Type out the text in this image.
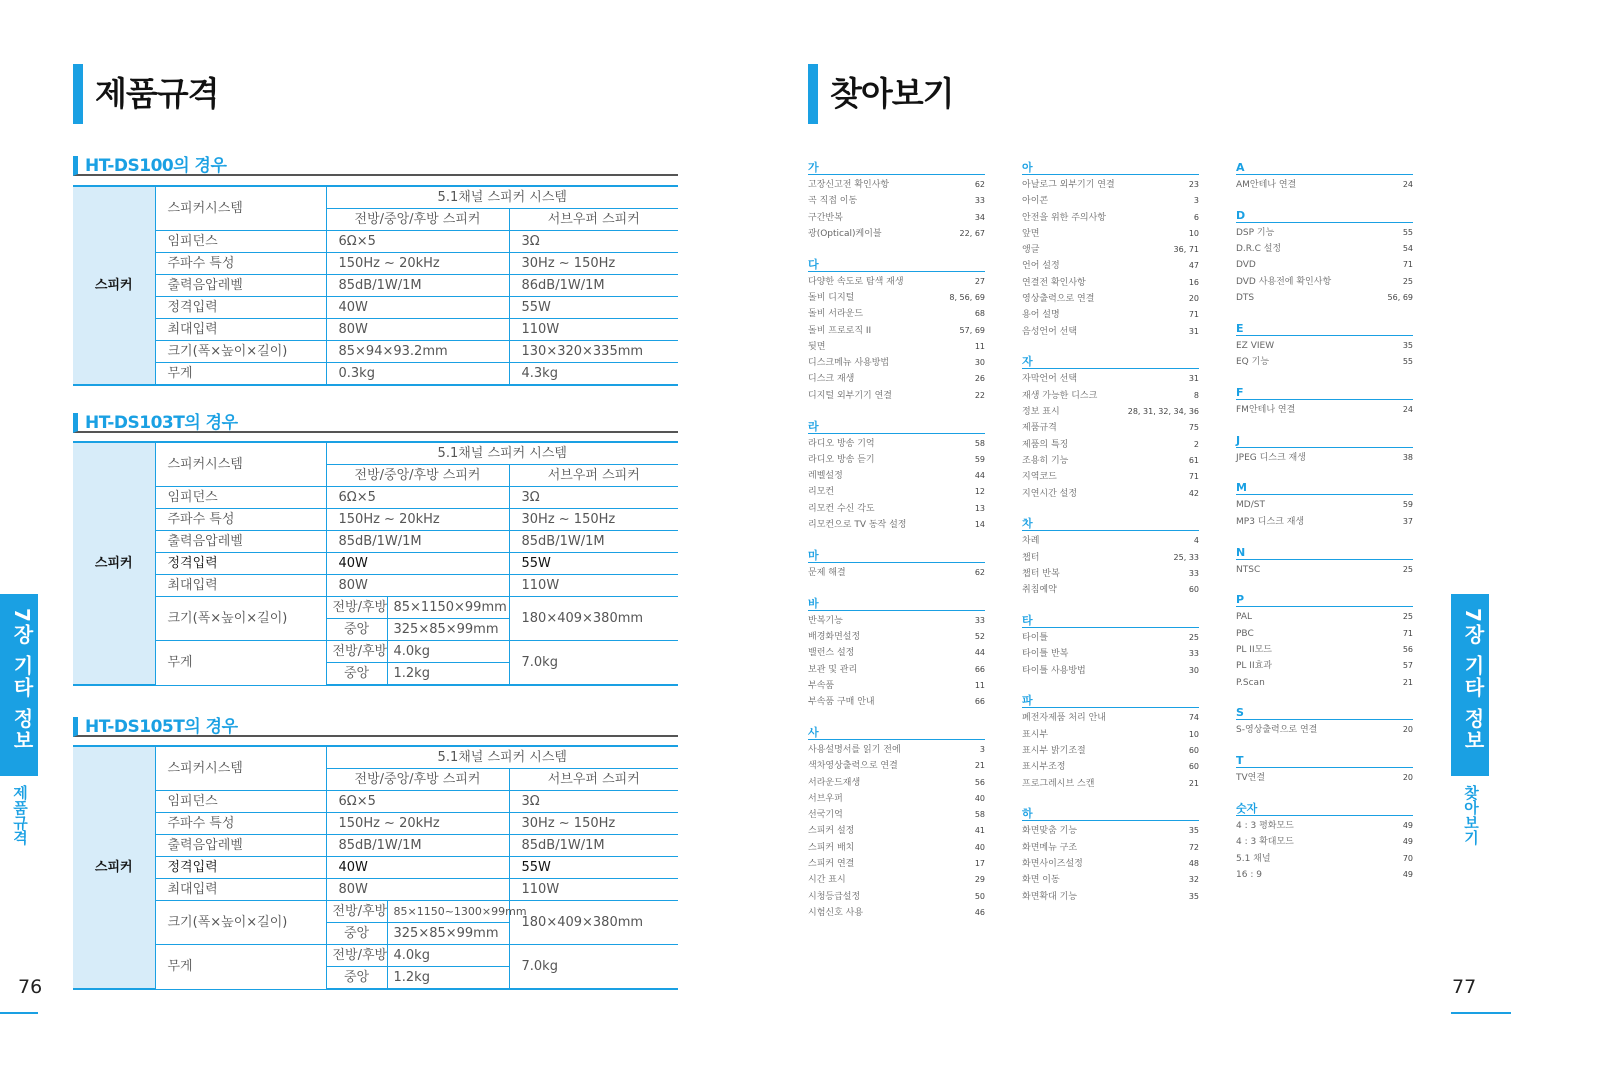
제품규격
HT-DS100의 경우
스피커	스피커시스템	5.1채널 스피커 시스템	
		전방/중앙/후방 스피커	서브우퍼 스피커
	임피던스	6Ω×5	3Ω
	주파수 특성	150Hz ~ 20kHz	30Hz ~ 150Hz
	출력음압레벨	85dB/1W/1M	86dB/1W/1M
	정격입력	40W	55W
	최대입력	80W	110W
	크기(폭×높이×길이)	85×94×93.2mm	130×320×335mm
	무게	0.3kg	4.3kg
HT-DS103T의 경우
스피커	스피커시스템	5.1채널 스피커 시스템		
		전방/중앙/후방 스피커		서브우퍼 스피커
	임피던스	6Ω×5		3Ω
	주파수 특성	150Hz ~ 20kHz		30Hz ~ 150Hz
	출력음압레벨	85dB/1W/1M		85dB/1W/1M
	정격입력	40W		55W
	최대입력	80W		110W
	크기(폭×높이×길이)	전방/후방	85×1150×99mm	180×409×380mm
		중앙	325×85×99mm	
	무게	전방/후방	4.0kg	7.0kg
		중앙	1.2kg	
HT-DS105T의 경우
스피커	스피커시스템	5.1채널 스피커 시스템		
		전방/중앙/후방 스피커		서브우퍼 스피커
	임피던스	6Ω×5		3Ω
	주파수 특성	150Hz ~ 20kHz		30Hz ~ 150Hz
	출력음압레벨	85dB/1W/1M		85dB/1W/1M
	정격입력	40W		55W
	최대입력	80W		110W
	크기(폭×높이×길이)	전방/후방	85×1150~1300×99mm	180×409×380mm
		중앙	325×85×99mm	
	무게	전방/후방	4.0kg	7.0kg
		중앙	1.2kg	
7장 기타 정보
제품규격
76
찾아보기
가
고장신고전 확인사항	62
곡 직접 이동	33
구간반복	34
광(Optical)케이블	22, 67
다
다양한 속도로 탐색 재생	27
돌비 디지털	8, 56, 69
돌비 서라운드	68
돌비 프로로직 II	57, 69
뒷면	11
디스크메뉴 사용방법	30
디스크 재생	26
디지털 외부기기 연결	22
라
라디오 방송 기억	58
라디오 방송 듣기	59
레벨설정	44
리모컨	12
리모컨 수신 각도	13
리모컨으로 TV 동작 설정	14
마
문제 해결	62
바
반복기능	33
배경화면설정	52
밸런스 설정	44
보관 및 관리	66
부속품	11
부속품 구매 안내	66
사
사용설명서를 읽기 전에	3
색차영상출력으로 연결	21
서라운드재생	56
서브우퍼	40
선국기억	58
스피커 설정	41
스피커 배치	40
스피커 연결	17
시간 표시	29
시청등급설정	50
시험신호 사용	46
아
아날로그 외부기기 연결	23
아이콘	3
안전을 위한 주의사항	6
앞면	10
앵글	36, 71
언어 설정	47
연결전 확인사항	16
영상출력으로 연결	20
용어 설명	71
음성언어 선택	31
자
자막언어 선택	31
재생 가능한 디스크	8
정보 표시	28, 31, 32, 34, 36
제품규격	75
제품의 특징	2
조용히 기능	61
지역코드	71
지연시간 설정	42
차
차례	4
챕터	25, 33
챕터 반복	33
취침예약	60
타
타이틀	25
타이틀 반복	33
타이틀 사용방법	30
파
폐전자제품 처리 안내	74
표시부	10
표시부 밝기조절	60
표시부조정	60
프로그레시브 스캔	21
하
화면맞춤 기능	35
화면메뉴 구조	72
화면사이즈설정	48
화면 이동	32
화면확대 기능	35
A
AM안테나 연결	24
D
DSP 기능	55
D.R.C 설정	54
DVD	71
DVD 사용전에 확인사항	25
DTS	56, 69
E
EZ VIEW	35
EQ 기능	55
F
FM안테나 연결	24
J
JPEG 디스크 재생	38
M
MD/ST	59
MP3 디스크 재생	37
N
NTSC	25
P
PAL	25
PBC	71
PL II모드	56
PL II효과	57
P.Scan	21
S
S-영상출력으로 연결	20
T
TV연결	20
숫자
4 : 3 평화모드	49
4 : 3 확대모드	49
5.1 채널	70
16 : 9	49
7장 기타 정보
찾아보기
77
